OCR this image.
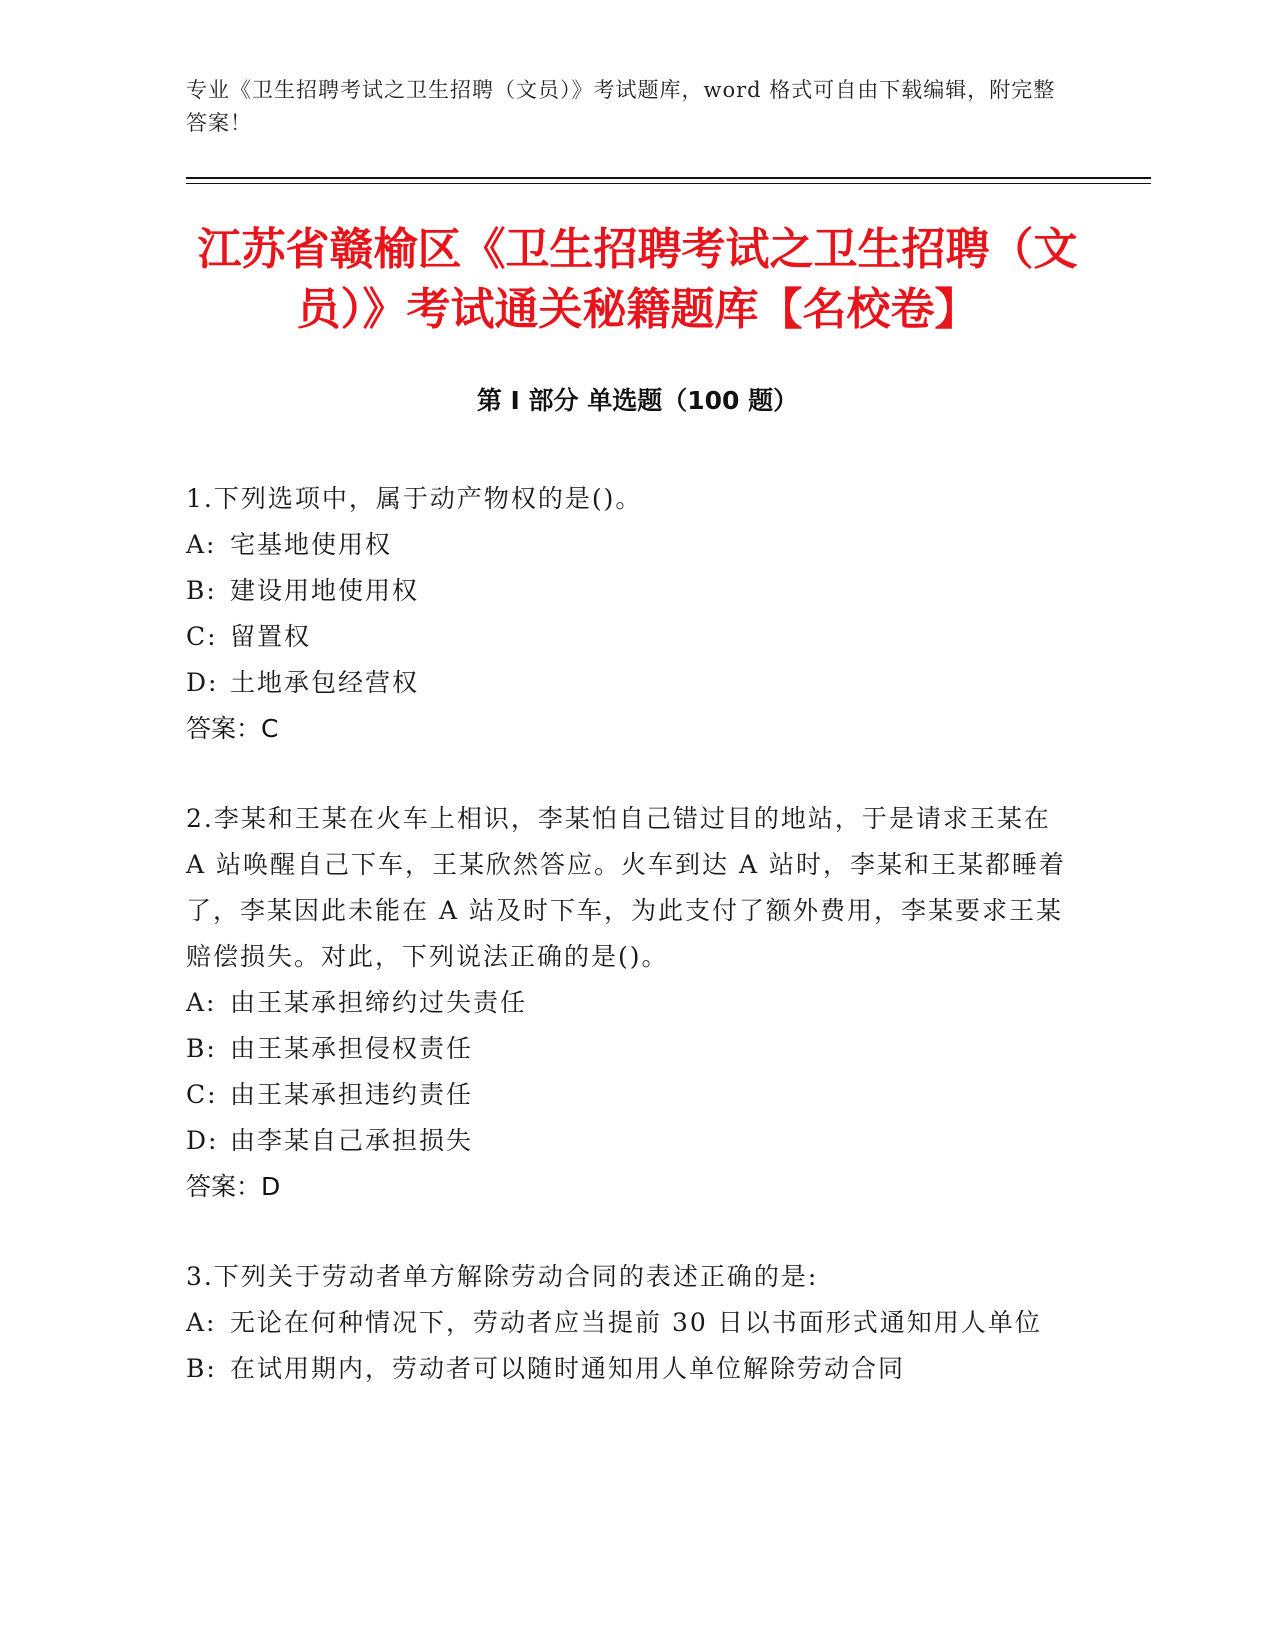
专业《卫生招聘考试之卫生招聘（文员）》考试题库，word 格式可自由下载编辑，附完整答案！
江苏省赣榆区《卫生招聘考试之卫生招聘（文员）》考试通关秘籍题库【名校卷】
第 I 部分 单选题（100 题）
1.下列选项中，属于动产物权的是()。
A: 宅基地使用权
B: 建设用地使用权
C: 留置权
D: 土地承包经营权
答案：C
2.李某和王某在火车上相识，李某怕自己错过目的地站，于是请求王某在 A 站唤醒自己下车，王某欣然答应。火车到达 A 站时，李某和王某都睡着了，李某因此未能在 A 站及时下车，为此支付了额外费用，李某要求王某赔偿损失。对此，下列说法正确的是()。
A: 由王某承担缔约过失责任
B: 由王某承担侵权责任
C: 由王某承担违约责任
D: 由李某自己承担损失
答案：D
3.下列关于劳动者单方解除劳动合同的表述正确的是:
A: 无论在何种情况下，劳动者应当提前 30 日以书面形式通知用人单位
B: 在试用期内，劳动者可以随时通知用人单位解除劳动合同
